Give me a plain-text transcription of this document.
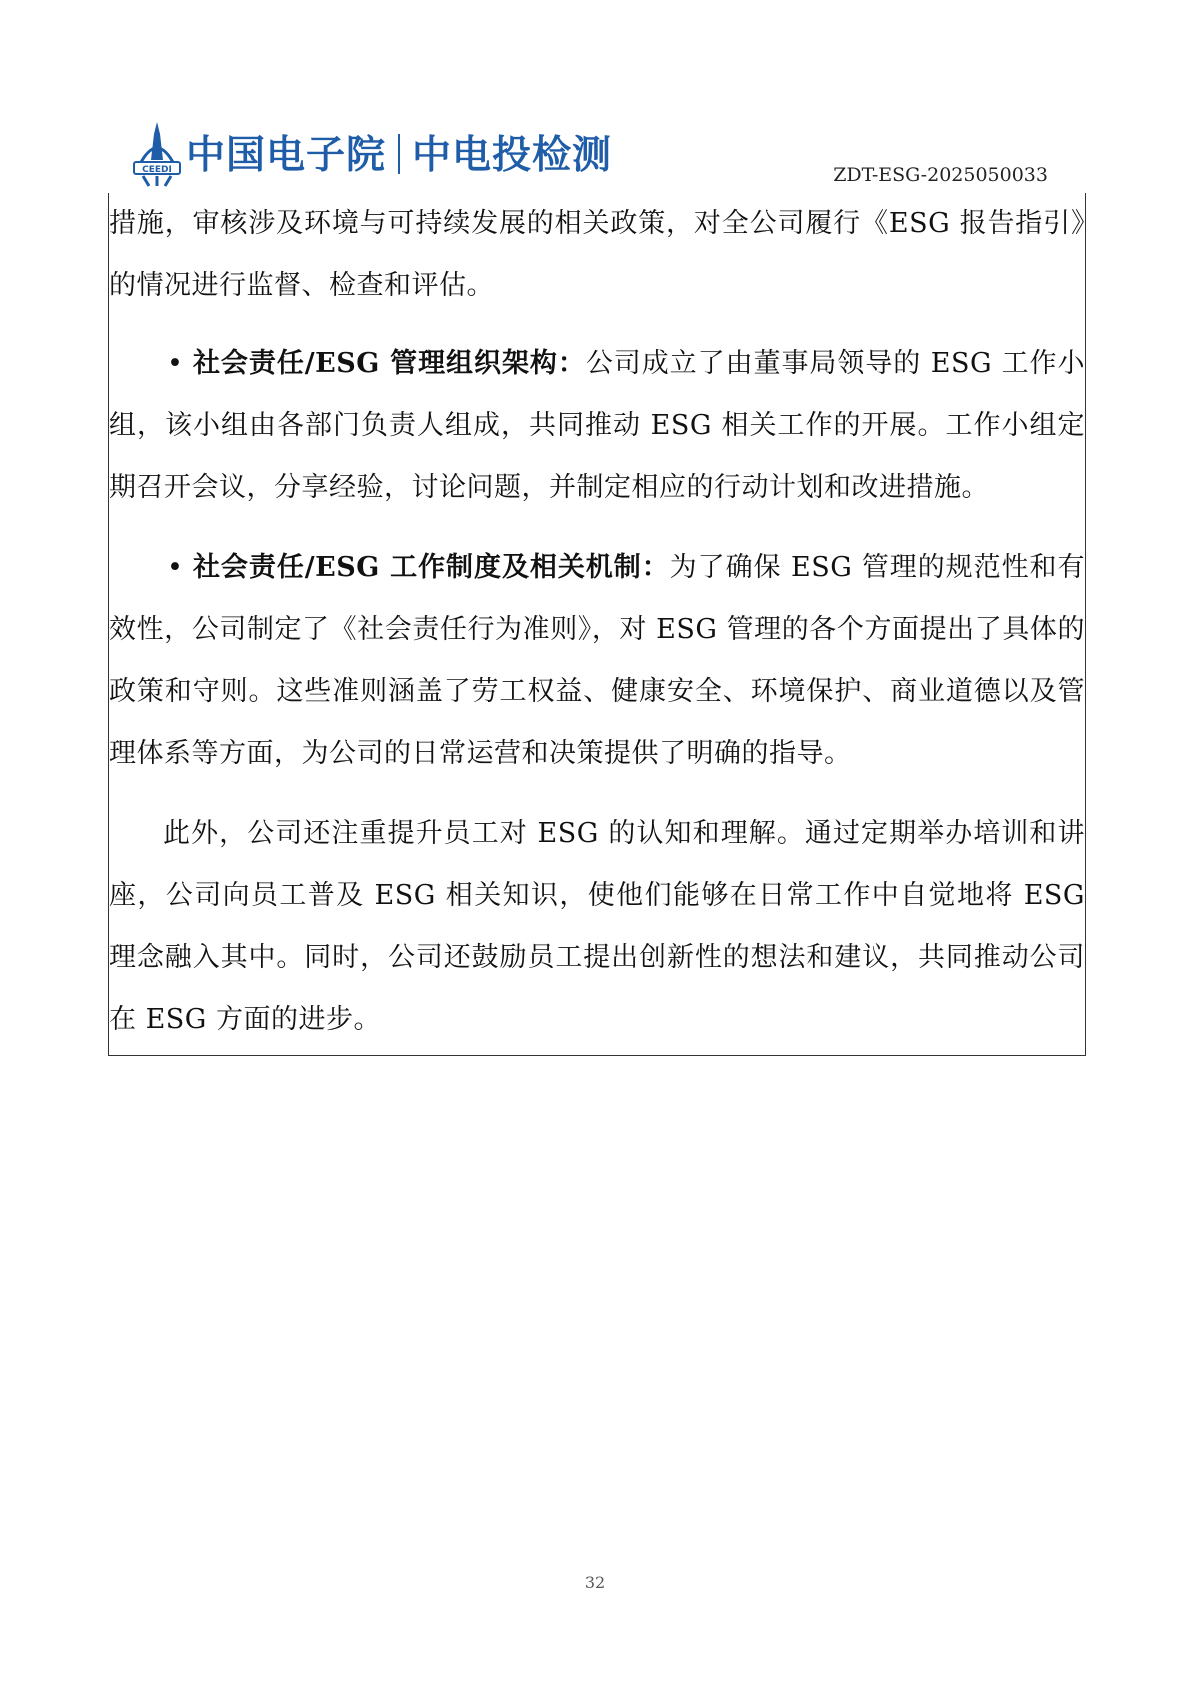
CEEDI 中国电子院 中电投检测	ZDT-ESG-2025050033

措施，审核涉及环境与可持续发展的相关政策，对全公司履行《ESG 报告指引》的情况进行监督、检查和评估。

• 社会责任/ESG 管理组织架构：公司成立了由董事局领导的 ESG 工作小组，该小组由各部门负责人组成，共同推动 ESG 相关工作的开展。工作小组定期召开会议，分享经验，讨论问题，并制定相应的行动计划和改进措施。

• 社会责任/ESG 工作制度及相关机制：为了确保 ESG 管理的规范性和有效性，公司制定了《社会责任行为准则》，对 ESG 管理的各个方面提出了具体的政策和守则。这些准则涵盖了劳工权益、健康安全、环境保护、商业道德以及管理体系等方面，为公司的日常运营和决策提供了明确的指导。

此外，公司还注重提升员工对 ESG 的认知和理解。通过定期举办培训和讲座，公司向员工普及 ESG 相关知识，使他们能够在日常工作中自觉地将 ESG 理念融入其中。同时，公司还鼓励员工提出创新性的想法和建议，共同推动公司在 ESG 方面的进步。

32
